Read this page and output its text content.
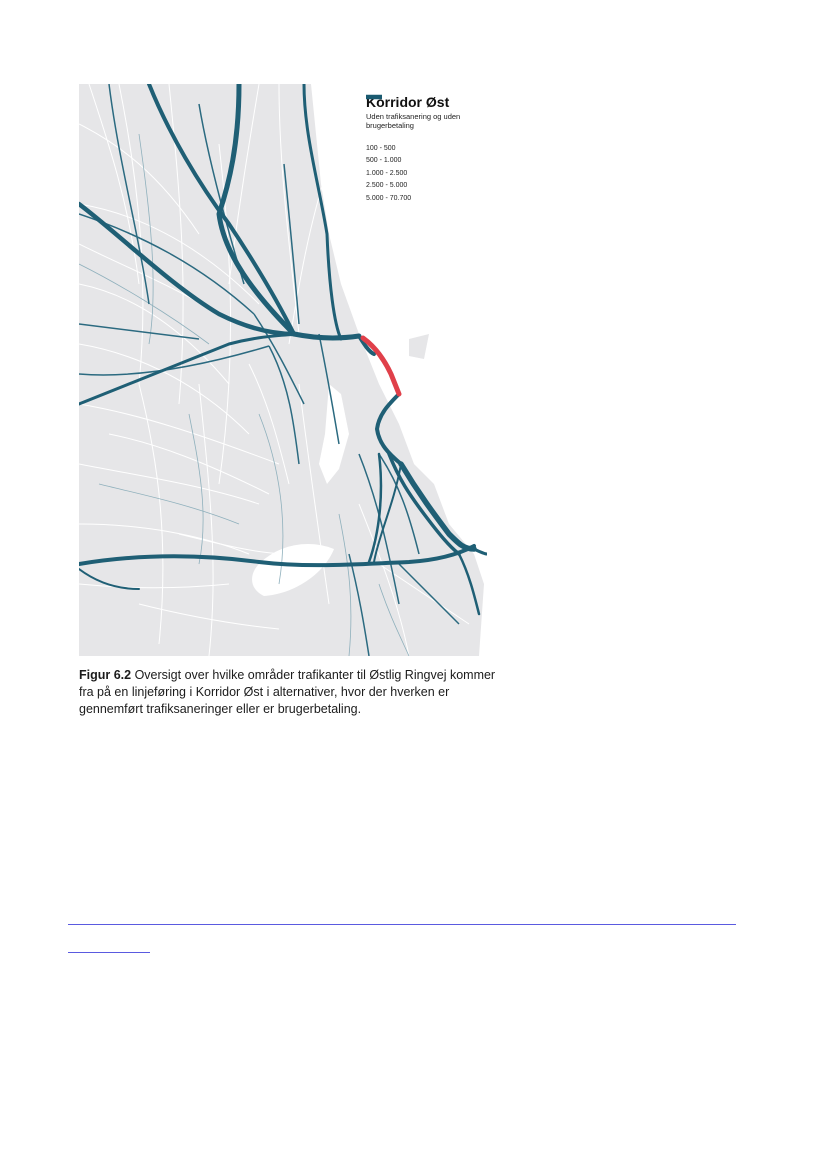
Korridor Øst
Uden trafiksanering og uden brugerbetaling
100 - 500
500 - 1.000
1.000 - 2.500
2.500 - 5.000
5.000 - 70.700
Figur 6.2 Oversigt over hvilke områder trafikanter til Østlig Ringvej kommer fra på en linjeføring i Korridor Øst i alternativer, hvor der hverken er gennemført trafiksaneringer eller er brugerbetaling.
